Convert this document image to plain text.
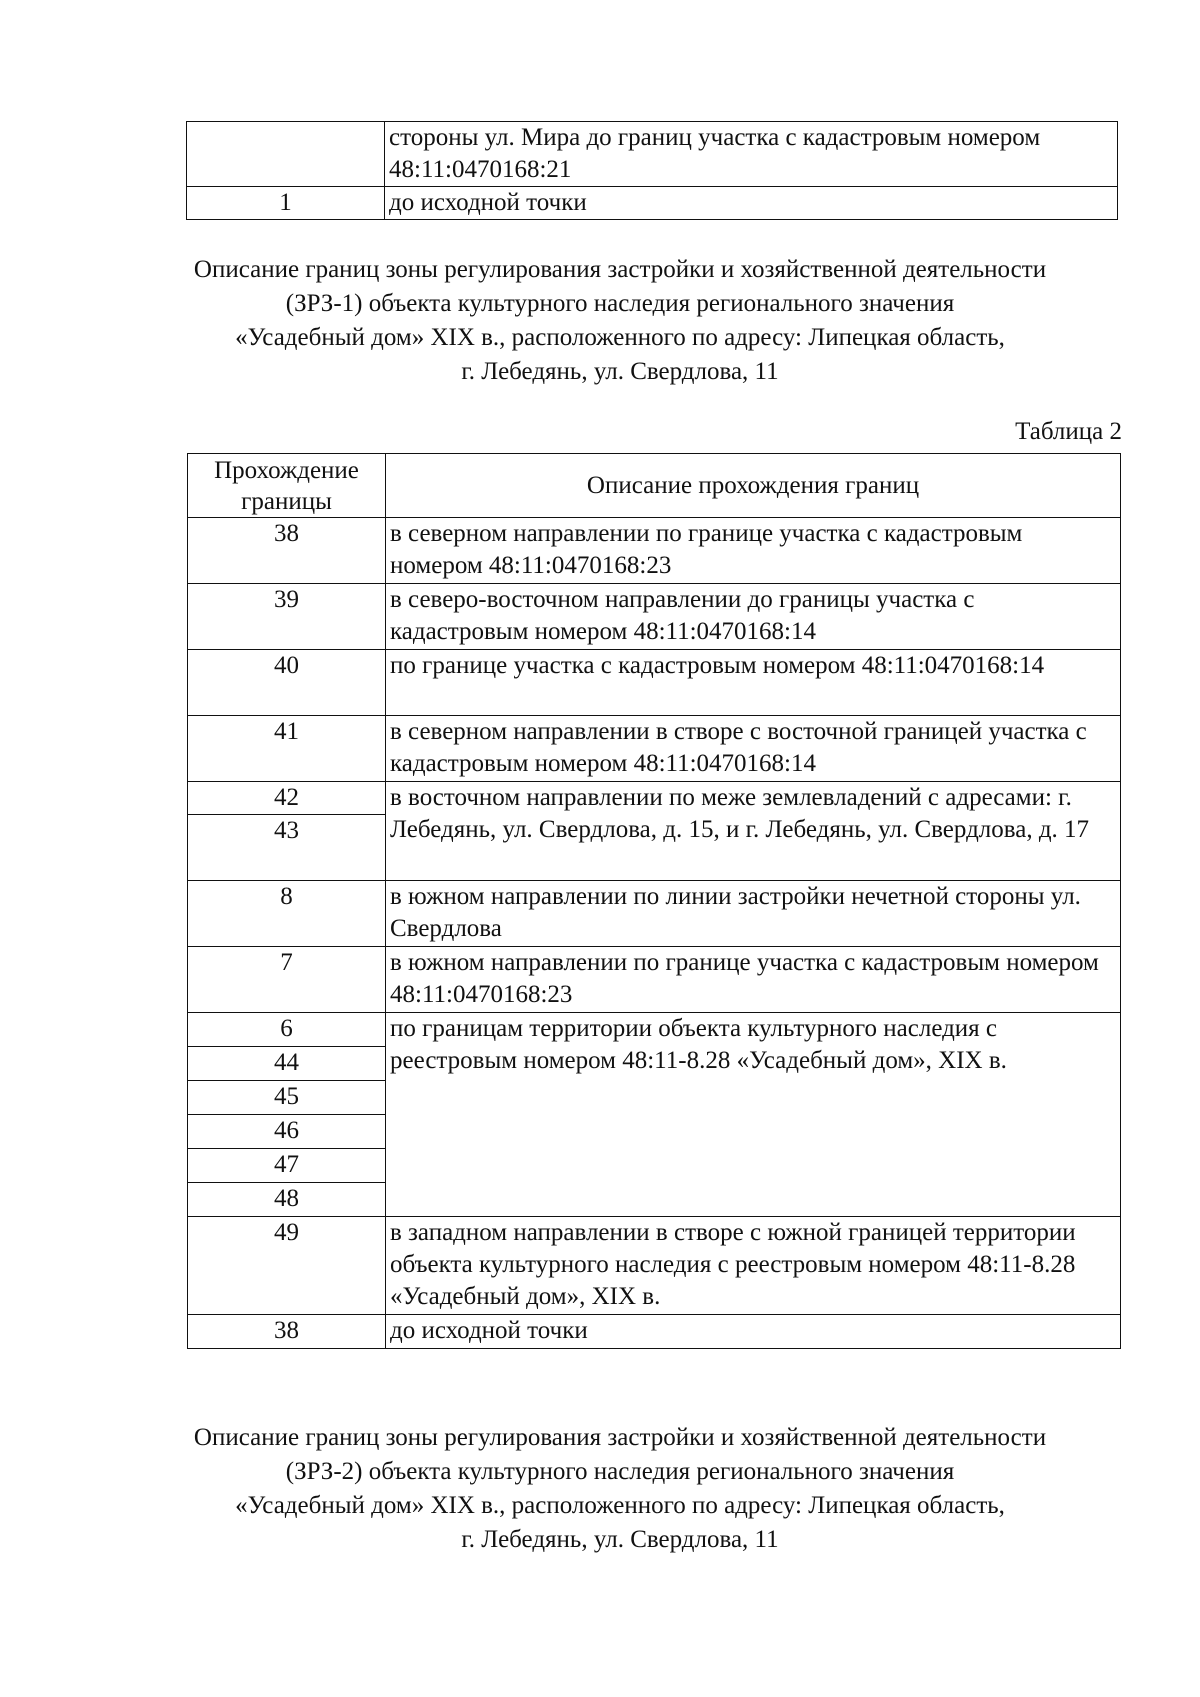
	стороны ул. Мира до границ участка с кадастровым номером 48:11:0470168:21
1	до исходной точки
Описание границ зоны регулирования застройки и хозяйственной деятельности
(ЗРЗ-1) объекта культурного наследия регионального значения
«Усадебный дом» XIX в., расположенного по адресу: Липецкая область,
г. Лебедянь, ул. Свердлова, 11
Таблица 2
Прохождение границы	Описание прохождения границ
38	в северном направлении по границе участка с кадастровым номером 48:11:0470168:23
39	в северо-восточном направлении до границы участка с кадастровым номером 48:11:0470168:14
40	по границе участка с кадастровым номером 48:11:0470168:14
41	в северном направлении в створе с восточной границей участка с кадастровым номером 48:11:0470168:14
42	в восточном направлении по меже землевладений с адресами: г. Лебедянь, ул. Свердлова, д. 15, и г. Лебедянь, ул. Свердлова, д. 17
43	
8	в южном направлении по линии застройки нечетной стороны ул. Свердлова
7	в южном направлении по границе участка с кадастровым номером 48:11:0470168:23
6	по границам территории объекта культурного наследия с реестровым номером 48:11-8.28 «Усадебный дом», XIX в.
44	
45	
46	
47	
48	
49	в западном направлении в створе с южной границей территории объекта культурного наследия с реестровым номером 48:11-8.28 «Усадебный дом», XIX в.
38	до исходной точки
Описание границ зоны регулирования застройки и хозяйственной деятельности
(ЗРЗ-2) объекта культурного наследия регионального значения
«Усадебный дом» XIX в., расположенного по адресу: Липецкая область,
г. Лебедянь, ул. Свердлова, 11
